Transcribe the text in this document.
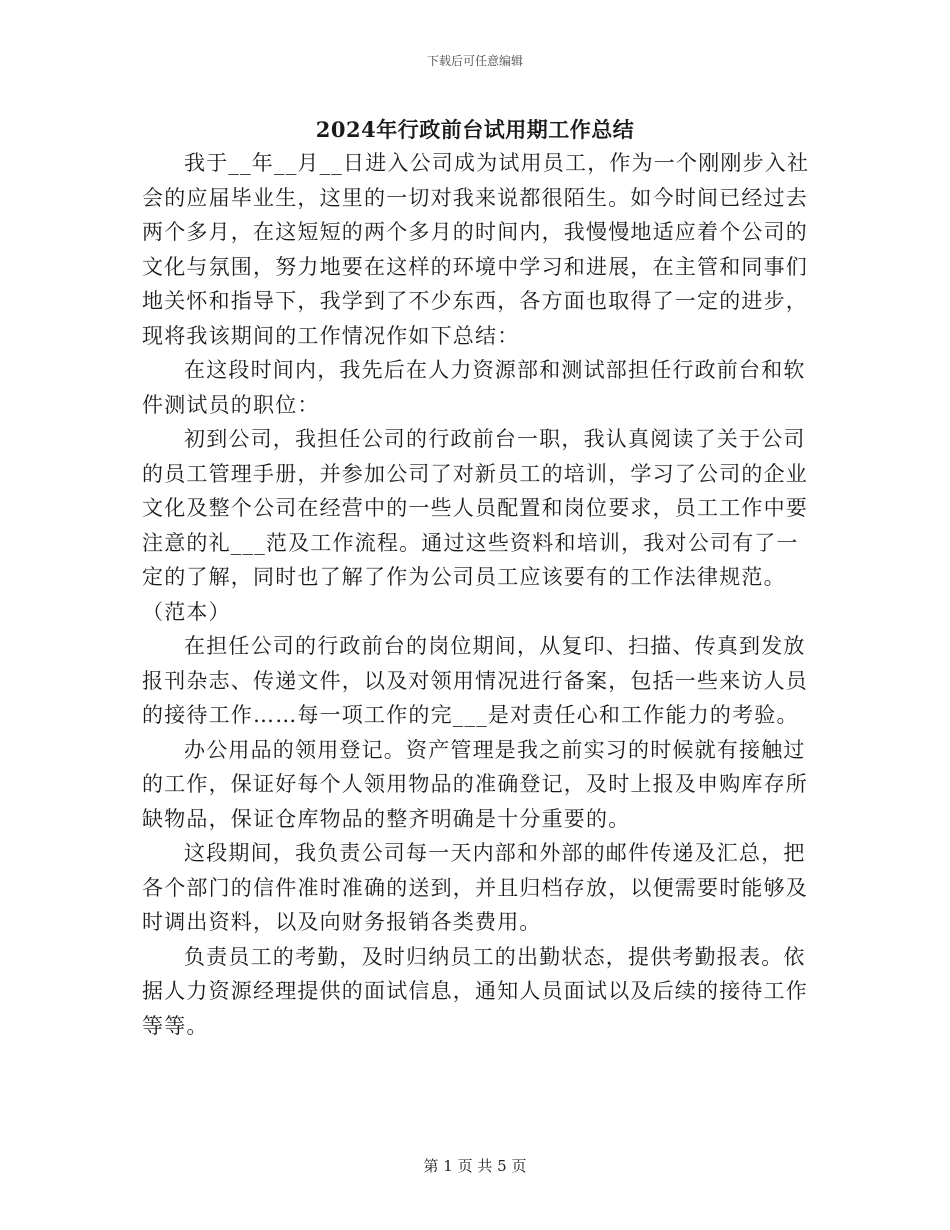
下载后可任意编辑
2024年行政前台试用期工作总结

我于__年__月__日进入公司成为试用员工，作为一个刚刚步入社会的应届毕业生，这里的一切对我来说都很陌生。如今时间已经过去两个多月，在这短短的两个多月的时间内，我慢慢地适应着个公司的文化与氛围，努力地要在这样的环境中学习和进展，在主管和同事们地关怀和指导下，我学到了不少东西，各方面也取得了一定的进步，现将我该期间的工作情况作如下总结：

在这段时间内，我先后在人力资源部和测试部担任行政前台和软件测试员的职位：

初到公司，我担任公司的行政前台一职，我认真阅读了关于公司的员工管理手册，并参加公司了对新员工的培训，学习了公司的企业文化及整个公司在经营中的一些人员配置和岗位要求，员工工作中要注意的礼___范及工作流程。通过这些资料和培训，我对公司有了一定的了解，同时也了解了作为公司员工应该要有的工作法律规范。（范本）

在担任公司的行政前台的岗位期间，从复印、扫描、传真到发放报刊杂志、传递文件，以及对领用情况进行备案，包括一些来访人员的接待工作……每一项工作的完___是对责任心和工作能力的考验。

办公用品的领用登记。资产管理是我之前实习的时候就有接触过的工作，保证好每个人领用物品的准确登记，及时上报及申购库存所缺物品，保证仓库物品的整齐明确是十分重要的。

这段期间，我负责公司每一天内部和外部的邮件传递及汇总，把各个部门的信件准时准确的送到，并且归档存放，以便需要时能够及时调出资料，以及向财务报销各类费用。

负责员工的考勤，及时归纳员工的出勤状态，提供考勤报表。依据人力资源经理提供的面试信息，通知人员面试以及后续的接待工作等等。

第 1 页 共 5 页
